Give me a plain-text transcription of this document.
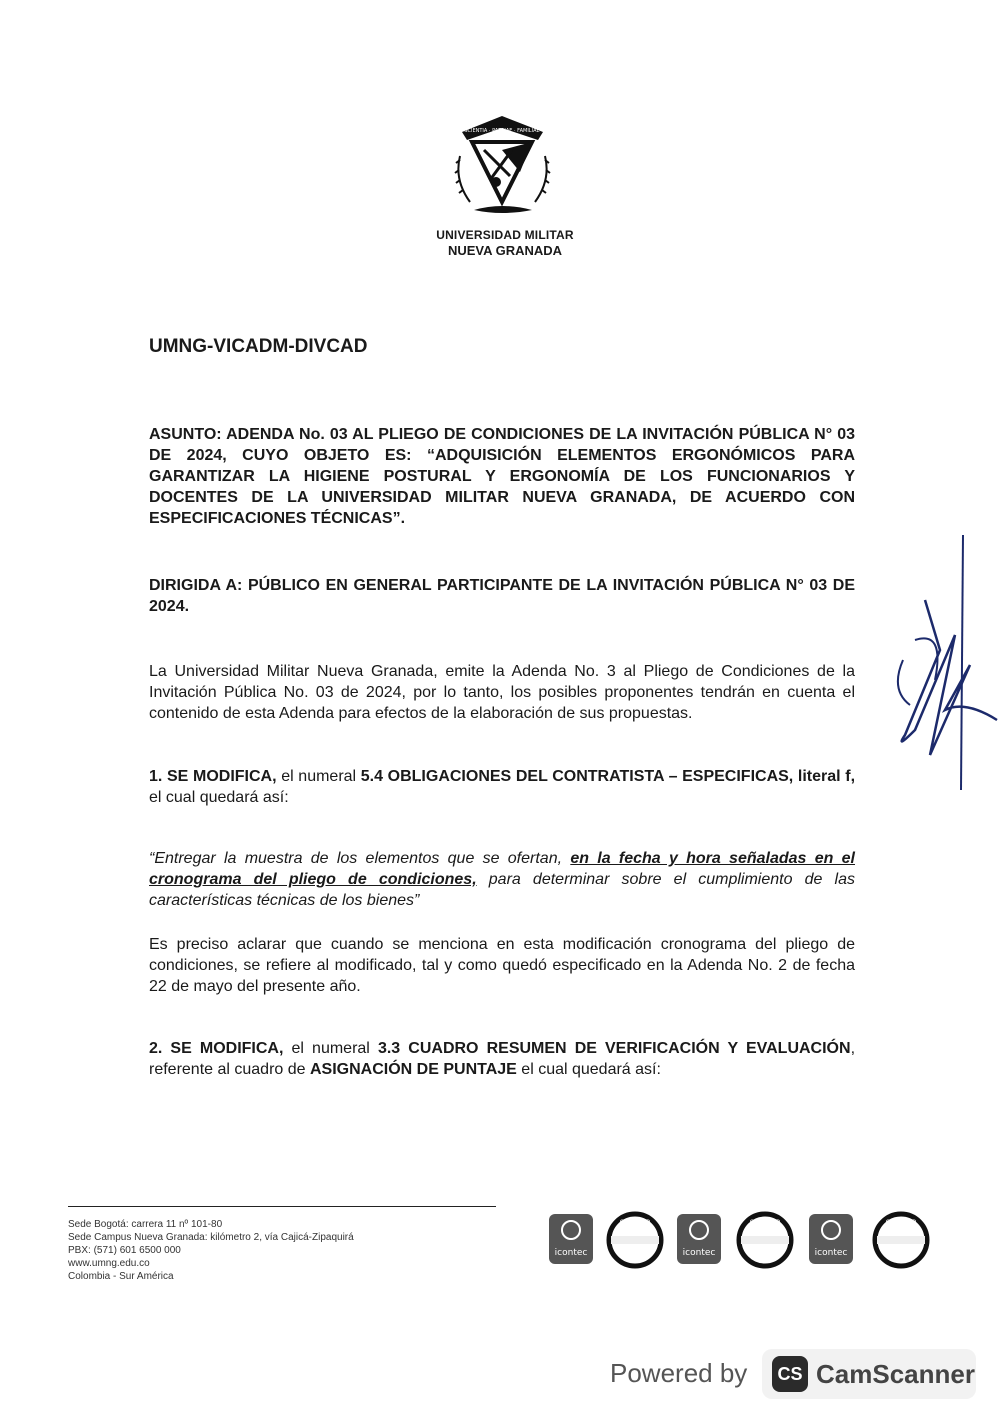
SCIENTIA · PATRIAE · FAMILIAE
UNIVERSIDAD MILITAR
NUEVA GRANADA
UMNG-VICADM-DIVCAD
ASUNTO: ADENDA No. 03 AL PLIEGO DE CONDICIONES DE LA INVITACIÓN PÚBLICA N° 03 DE 2024, CUYO OBJETO ES: “ADQUISICIÓN ELEMENTOS ERGONÓMICOS PARA GARANTIZAR LA HIGIENE POSTURAL Y ERGONOMÍA DE LOS FUNCIONARIOS Y DOCENTES DE LA UNIVERSIDAD MILITAR NUEVA GRANADA, DE ACUERDO CON ESPECIFICACIONES TÉCNICAS”.
DIRIGIDA A: PÚBLICO EN GENERAL PARTICIPANTE DE LA INVITACIÓN PÚBLICA N° 03 DE 2024.
La Universidad Militar Nueva Granada, emite la Adenda No. 3 al Pliego de Condiciones de la Invitación Pública No. 03 de 2024, por lo tanto, los posibles proponentes tendrán en cuenta el contenido de esta Adenda para efectos de la elaboración de sus propuestas.
1. SE MODIFICA, el numeral 5.4 OBLIGACIONES DEL CONTRATISTA – ESPECIFICAS, literal f, el cual quedará así:
“Entregar la muestra de los elementos que se ofertan, en la fecha y hora señaladas en el cronograma del pliego de condiciones, para determinar sobre el cumplimiento de las características técnicas de los bienes”
Es preciso aclarar que cuando se menciona en esta modificación cronograma del pliego de condiciones, se refiere al modificado, tal y como quedó especificado en la Adenda No. 2 de fecha 22 de mayo del presente año.
2. SE MODIFICA, el numeral 3.3 CUADRO RESUMEN DE VERIFICACIÓN Y EVALUACIÓN, referente al cuadro de ASIGNACIÓN DE PUNTAJE el cual quedará así:
Sede Bogotá: carrera 11 nº 101-80
Sede Campus Nueva Granada: kilómetro 2, vía Cajicá-Zipaquirá
PBX: (571) 601 6500 000
www.umng.edu.co
Colombia - Sur América
icontec
CERTIFIED
icontec
CERTIFIED
icontec
CERTIFIED
Powered by	CS CamScanner
